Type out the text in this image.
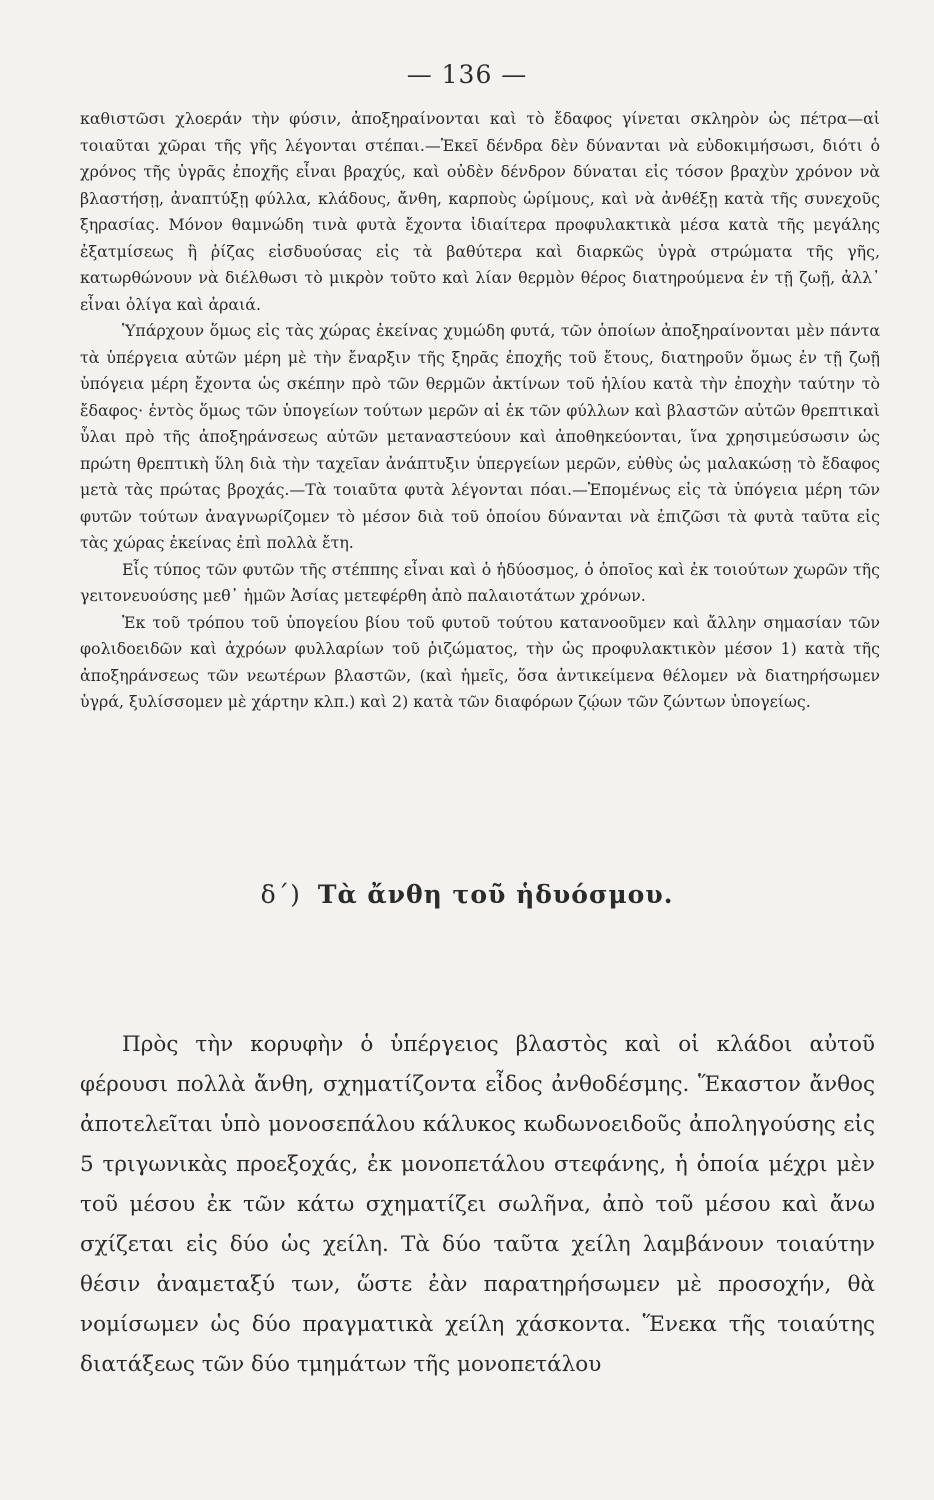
— 136 —

καθιστῶσι χλοεράν τὴν φύσιν, ἀποξηραίνονται καὶ τὸ ἔδαφος γίνεται σκληρὸν ὡς πέτρα—αἱ τοιαῦται χῶραι τῆς γῆς λέγονται στέπαι.—Ἐκεῖ δένδρα δὲν δύνανται νὰ εὐδοκιμήσωσι, διότι ὁ χρόνος τῆς ὑγρᾶς ἐποχῆς εἶναι βραχύς, καὶ οὐδὲν δένδρον δύναται εἰς τόσον βραχὺν χρόνον νὰ βλαστήσῃ, ἀναπτύξῃ φύλλα, κλάδους, ἄνθη, καρποὺς ὡρίμους, καὶ νὰ ἀνθέξῃ κατὰ τῆς συνεχοῦς ξηρασίας. Μόνον θαμνώδη τινὰ φυτὰ ἔχοντα ἰδιαίτερα προφυλακτικὰ μέσα κατὰ τῆς μεγάλης ἐξατμίσεως ἢ ῥίζας εἰσδυούσας εἰς τὰ βαθύτερα καὶ διαρκῶς ὑγρὰ στρώματα τῆς γῆς, κατωρθώνουν νὰ διέλθωσι τὸ μικρὸν τοῦτο καὶ λίαν θερμὸν θέρος διατηρούμενα ἐν τῇ ζωῇ, ἀλλ᾽ εἶναι ὀλίγα καὶ ἀραιά.

Ὑπάρχουν ὅμως εἰς τὰς χώρας ἐκείνας χυμώδη φυτά, τῶν ὁποίων ἀποξηραίνονται μὲν πάντα τὰ ὑπέργεια αὐτῶν μέρη μὲ τὴν ἔναρξιν τῆς ξηρᾶς ἐποχῆς τοῦ ἔτους, διατηροῦν ὅμως ἐν τῇ ζωῇ ὑπόγεια μέρη ἔχοντα ὡς σκέπην πρὸ τῶν θερμῶν ἀκτίνων τοῦ ἡλίου κατὰ τὴν ἐποχὴν ταύτην τὸ ἔδαφος· ἐντὸς ὅμως τῶν ὑπογείων τούτων μερῶν αἱ ἐκ τῶν φύλλων καὶ βλαστῶν αὐτῶν θρεπτικαὶ ὗλαι πρὸ τῆς ἀποξηράνσεως αὐτῶν μεταναστεύουν καὶ ἀποθηκεύονται, ἵνα χρησιμεύσωσιν ὡς πρώτη θρεπτικὴ ὕλη διὰ τὴν ταχεῖαν ἀνάπτυξιν ὑπεργείων μερῶν, εὐθὺς ὡς μαλακώσῃ τὸ ἔδαφος μετὰ τὰς πρώτας βροχάς.—Τὰ τοιαῦτα φυτὰ λέγονται πόαι.—Ἑπομένως εἰς τὰ ὑπόγεια μέρη τῶν φυτῶν τούτων ἀναγνωρίζομεν τὸ μέσον διὰ τοῦ ὁποίου δύνανται νὰ ἐπιζῶσι τὰ φυτὰ ταῦτα εἰς τὰς χώρας ἐκείνας ἐπὶ πολλὰ ἔτη.

Εἷς τύπος τῶν φυτῶν τῆς στέππης εἶναι καὶ ὁ ἡδύοσμος, ὁ ὁποῖος καὶ ἐκ τοιούτων χωρῶν τῆς γειτονευούσης μεθ᾽ ἡμῶν Ἀσίας μετεφέρθη ἀπὸ παλαιοτάτων χρόνων.

Ἐκ τοῦ τρόπου τοῦ ὑπογείου βίου τοῦ φυτοῦ τούτου κατανοοῦμεν καὶ ἄλλην σημασίαν τῶν φολιδοειδῶν καὶ ἀχρόων φυλλαρίων τοῦ ῥιζώματος, τὴν ὡς προφυλακτικὸν μέσον 1) κατὰ τῆς ἀποξηράνσεως τῶν νεωτέρων βλαστῶν, (καὶ ἡμεῖς, ὅσα ἀντικείμενα θέλομεν νὰ διατηρήσωμεν ὑγρά, ξυλίσσομεν μὲ χάρτην κλπ.) καὶ 2) κατὰ τῶν διαφόρων ζῴων τῶν ζώντων ὑπογείως.

δ´) Τὰ ἄνθη τοῦ ἡδυόσμου.

Πρὸς τὴν κορυφὴν ὁ ὑπέργειος βλαστὸς καὶ οἱ κλάδοι αὐτοῦ φέρουσι πολλὰ ἄνθη, σχηματίζοντα εἶδος ἀνθοδέσμης. Ἕκαστον ἄνθος ἀποτελεῖται ὑπὸ μονοσεπάλου κάλυκος κωδωνοειδοῦς ἀποληγούσης εἰς 5 τριγωνικὰς προεξοχάς, ἐκ μονοπετάλου στεφάνης, ἡ ὁποία μέχρι μὲν τοῦ μέσου ἐκ τῶν κάτω σχηματίζει σωλῆνα, ἀπὸ τοῦ μέσου καὶ ἄνω σχίζεται εἰς δύο ὡς χείλη. Τὰ δύο ταῦτα χείλη λαμβάνουν τοιαύτην θέσιν ἀναμεταξύ των, ὥστε ἐὰν παρατηρήσωμεν μὲ προσοχήν, θὰ νομίσωμεν ὡς δύο πραγματικὰ χείλη χάσκοντα. Ἕνεκα τῆς τοιαύτης διατάξεως τῶν δύο τμημάτων τῆς μονοπετάλου
